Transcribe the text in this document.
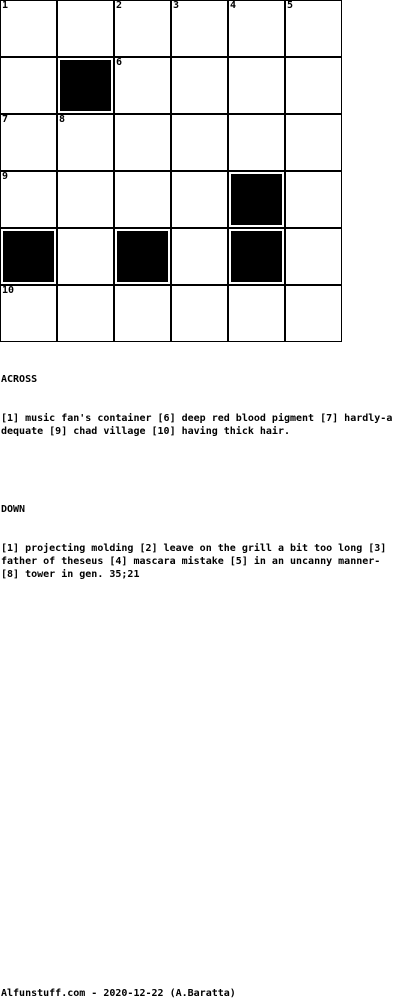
1	2	3	4	5
6
7	8
9
10

ACROSS

[1] music fan's container [6] deep red blood pigment [7] hardly-adequate [9] chad village [10] having thick hair.

DOWN

[1] projecting molding [2] leave on the grill a bit too long [3] father of theseus [4] mascara mistake [5] in an uncanny manner-[8] tower in gen. 35;21

Alfunstuff.com - 2020-12-22 (A.Baratta)
